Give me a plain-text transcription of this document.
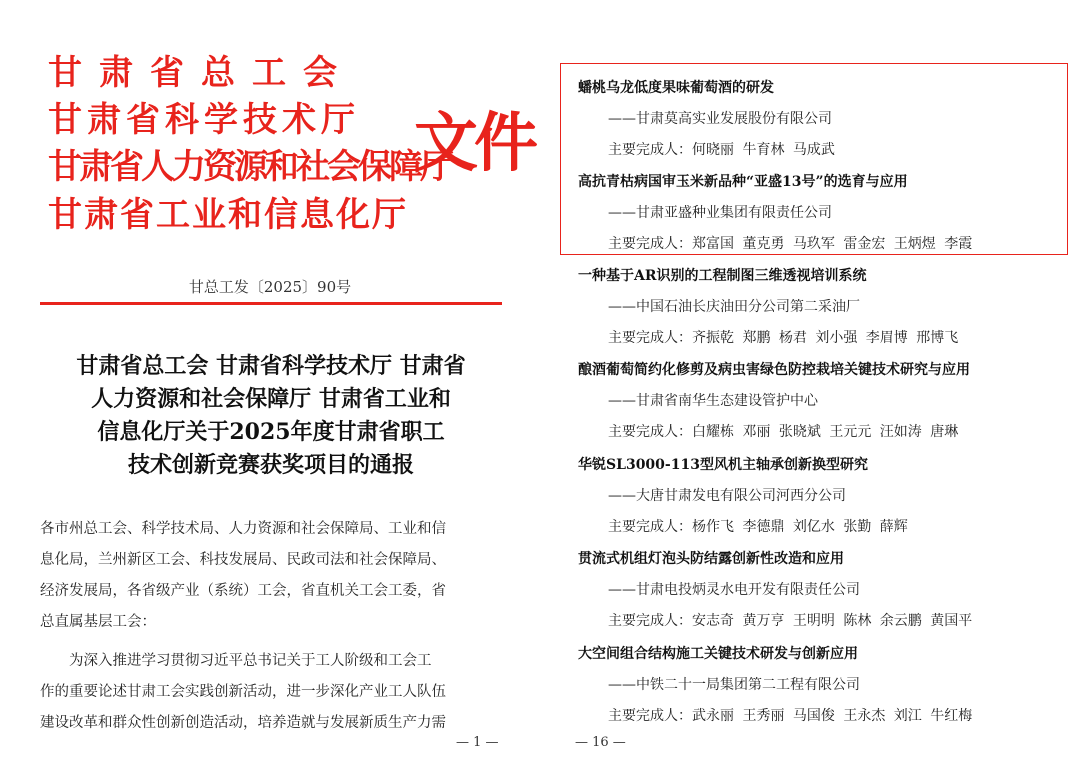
甘肃省总工会
甘肃省科学技术厅
甘肃省人力资源和社会保障厅
甘肃省工业和信息化厅
文件
甘总工发〔2025〕90号
甘肃省总工会 甘肃省科学技术厅 甘肃省
人力资源和社会保障厅 甘肃省工业和
信息化厅关于2025年度甘肃省职工
技术创新竞赛获奖项目的通报
各市州总工会、科学技术局、人力资源和社会保障局、工业和信
息化局，兰州新区工会、科技发展局、民政司法和社会保障局、
经济发展局，各省级产业（系统）工会，省直机关工会工委，省
总直属基层工会：
　　为深入推进学习贯彻习近平总书记关于工人阶级和工会工
作的重要论述甘肃工会实践创新活动，进一步深化产业工人队伍
建设改革和群众性创新创造活动，培养造就与发展新质生产力需
— 1 —
蟠桃乌龙低度果味葡萄酒的研发
——甘肃莫高实业发展股份有限公司
主要完成人：何晓丽 牛育林 马成武
高抗青枯病国审玉米新品种“亚盛13号”的选育与应用
——甘肃亚盛种业集团有限责任公司
主要完成人：郑富国 董克勇 马玖军 雷金宏 王炳煜 李霞
一种基于AR识别的工程制图三维透视培训系统
——中国石油长庆油田分公司第二采油厂
主要完成人：齐振乾 郑鹏 杨君 刘小强 李眉博 邢博飞
酿酒葡萄简约化修剪及病虫害绿色防控栽培关键技术研究与应用
——甘肃省南华生态建设管护中心
主要完成人：白耀栋 邓丽 张晓斌 王元元 汪如涛 唐琳
华锐SL3000-113型风机主轴承创新换型研究
——大唐甘肃发电有限公司河西分公司
主要完成人：杨作飞 李德鼎 刘亿水 张勤 薛辉
贯流式机组灯泡头防结露创新性改造和应用
——甘肃电投炳灵水电开发有限责任公司
主要完成人：安志奇 黄万亨 王明明 陈林 余云鹏 黄国平
大空间组合结构施工关键技术研发与创新应用
——中铁二十一局集团第二工程有限公司
主要完成人：武永丽 王秀丽 马国俊 王永杰 刘江 牛红梅
— 16 —
